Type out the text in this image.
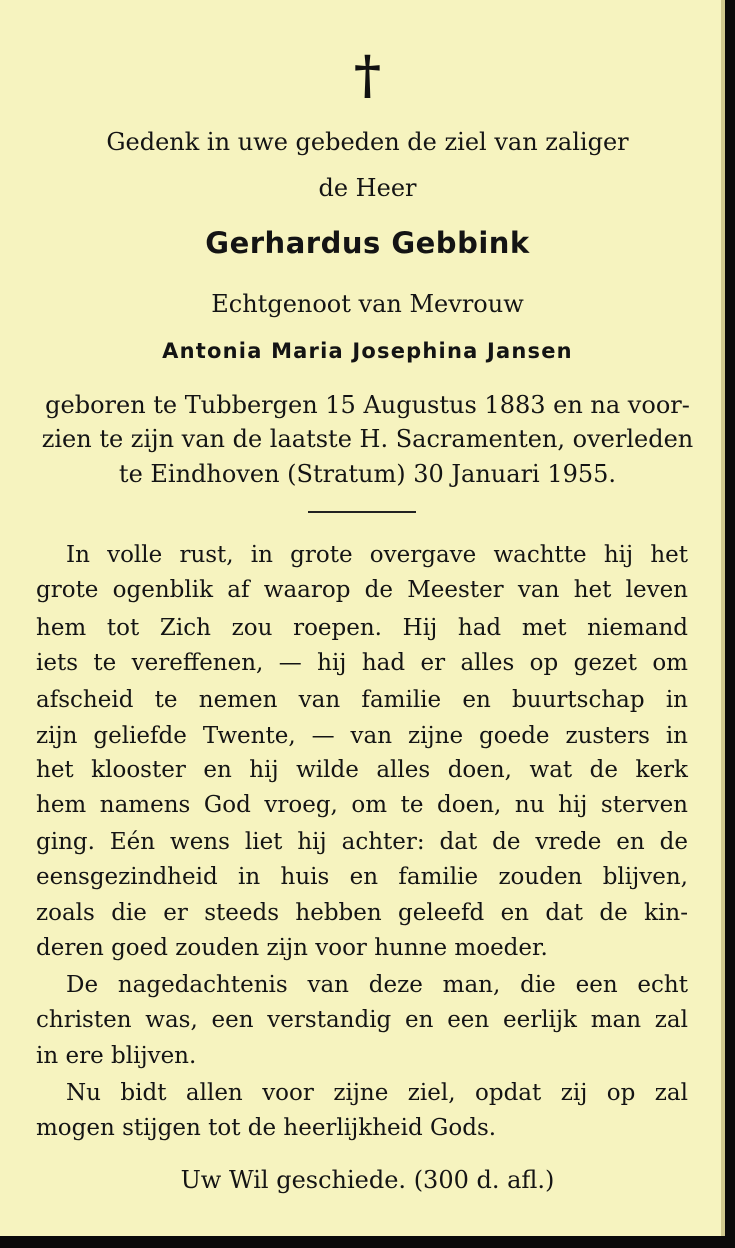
†
Gedenk in uwe gebeden de ziel van zaliger
de Heer
Gerhardus Gebbink
Echtgenoot van Mevrouw
Antonia Maria Josephina Jansen
geboren te Tubbergen 15 Augustus 1883 en na voor-
zien te zijn van de laatste H. Sacramenten, overleden
te Eindhoven (Stratum) 30 Januari 1955.
In volle rust, in grote overgave wachtte hij het
grote ogenblik af waarop de Meester van het leven
hem tot Zich zou roepen. Hij had met niemand
iets te vereffenen, — hij had er alles op gezet om
afscheid te nemen van familie en buurtschap in
zijn geliefde Twente, — van zijne goede zusters in
het klooster en hij wilde alles doen, wat de kerk
hem namens God vroeg, om te doen, nu hij sterven
ging. Eén wens liet hij achter: dat de vrede en de
eensgezindheid in huis en familie zouden blijven,
zoals die er steeds hebben geleefd en dat de kin-
deren goed zouden zijn voor hunne moeder.
De nagedachtenis van deze man, die een echt
christen was, een verstandig en een eerlijk man zal
in ere blijven.
Nu bidt allen voor zijne ziel, opdat zij op zal
mogen stijgen tot de heerlijkheid Gods.
Uw Wil geschiede. (300 d. afl.)
